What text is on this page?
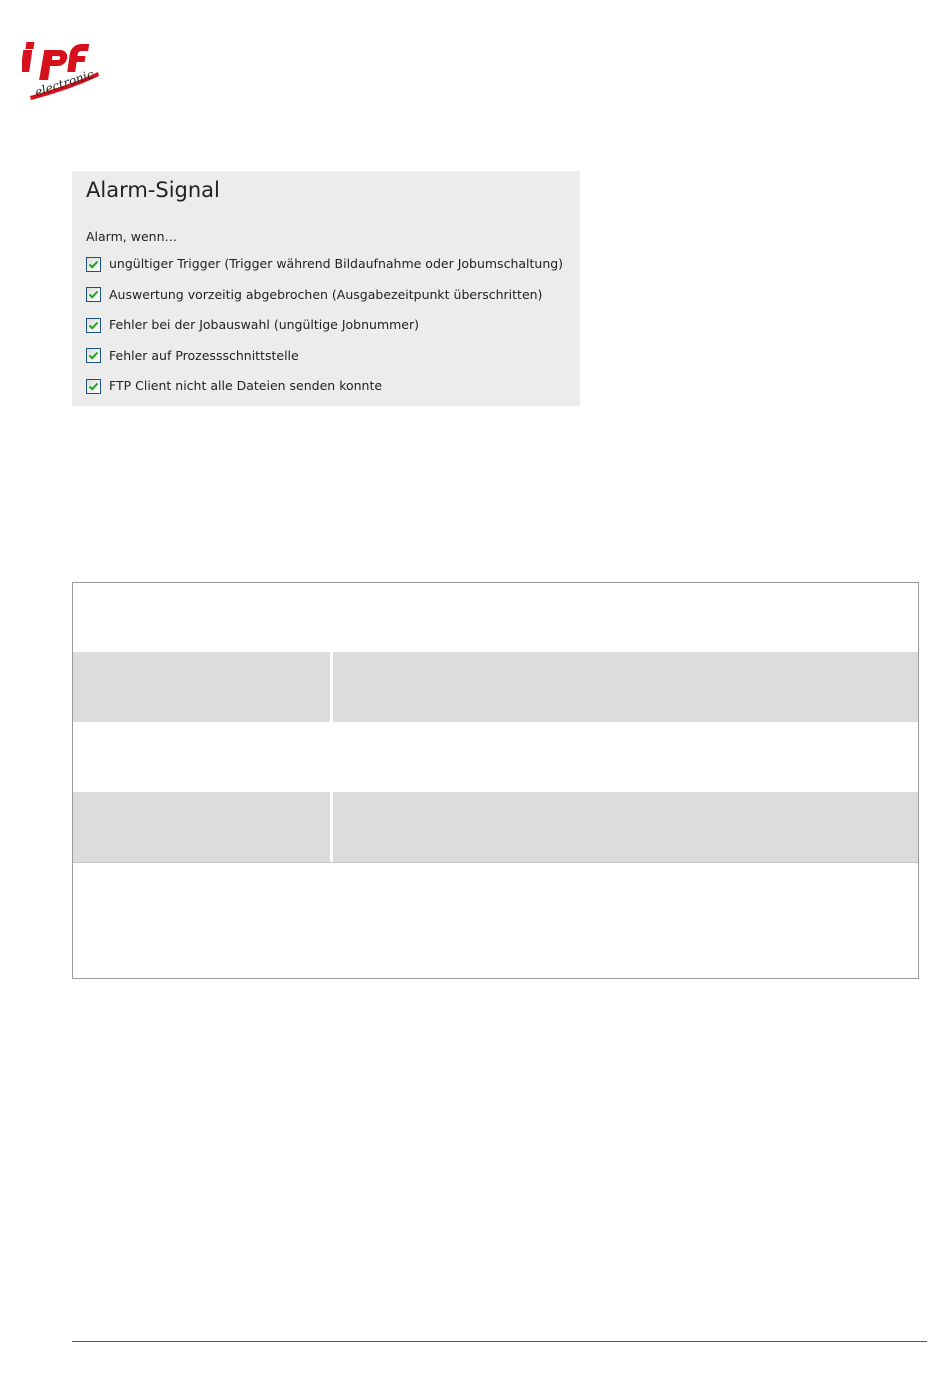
electronic
Alarm-Signal
Alarm, wenn…
ungültiger Trigger (Trigger während Bildaufnahme oder Jobumschaltung)
Auswertung vorzeitig abgebrochen (Ausgabezeitpunkt überschritten)
Fehler bei der Jobauswahl (ungültige Jobnummer)
Fehler auf Prozessschnittstelle
FTP Client nicht alle Dateien senden konnte
